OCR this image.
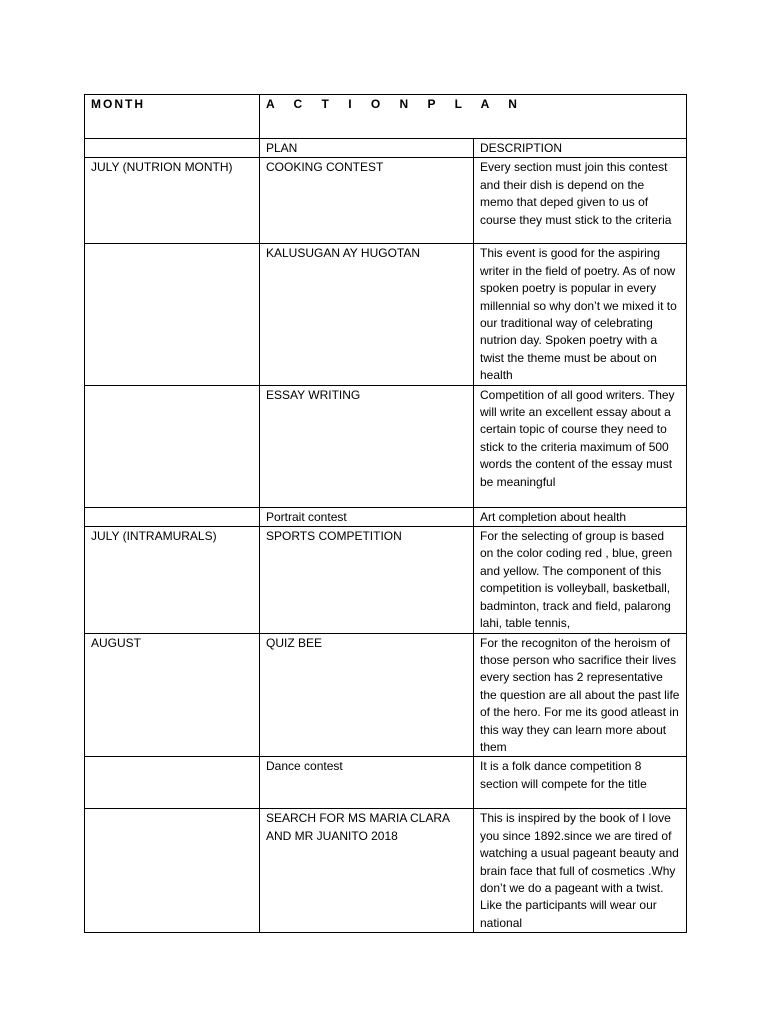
MONTH	A C T I O N P L A N	
	PLAN	DESCRIPTION
JULY (NUTRION MONTH)	COOKING CONTEST	Every section must join this contest and their dish is depend on the memo that deped given to us of course they must stick to the criteria
	KALUSUGAN AY HUGOTAN	This event is good for the aspiring writer in the field of poetry. As of now spoken poetry is popular in every millennial so why don’t we mixed it to our traditional way of celebrating nutrion day. Spoken poetry with a twist the theme must be about on health
	ESSAY WRITING	Competition of all good writers. They will write an excellent essay about a certain topic of course they need to stick to the criteria maximum of 500 words the content of the essay must be meaningful
	Portrait contest	Art completion about health
JULY (INTRAMURALS)	SPORTS COMPETITION	For the selecting of group is based on the color coding red , blue, green and yellow. The component of this competition is volleyball, basketball, badminton, track and field, palarong lahi, table tennis,
AUGUST	QUIZ BEE	For the recogniton of the heroism of those person who sacrifice their lives every section has 2 representative the question are all about the past life of the hero. For me its good atleast in this way they can learn more about them
	Dance contest	It is a folk dance competition 8 section will compete for the title
	SEARCH FOR MS MARIA CLARA AND MR JUANITO 2018	This is inspired by the book of I love you since 1892.since we are tired of watching a usual pageant beauty and brain face that full of cosmetics .Why don’t we do a pageant with a twist. Like the participants will wear our national
